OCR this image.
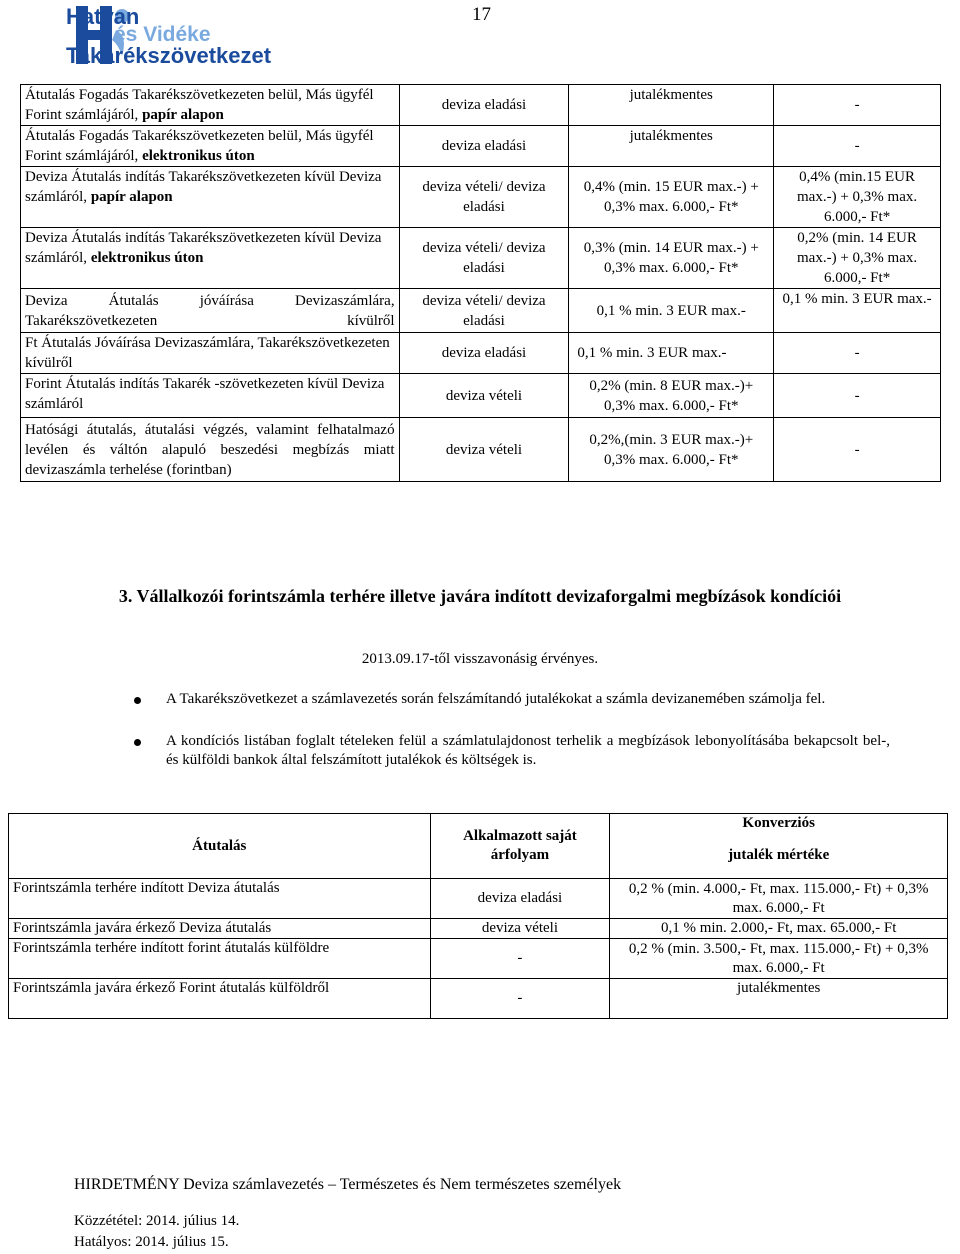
Hatvan
és Vidéke
Takarékszövetkezet
17
Átutalás Fogadás Takarékszövetkezeten belül, Más ügyfél Forint számlájáról, papír alapon	deviza eladási	jutalékmentes	-
Átutalás Fogadás Takarékszövetkezeten belül, Más ügyfél Forint számlájáról, elektronikus úton	deviza eladási	jutalékmentes	-
Deviza Átutalás indítás Takarékszövetkezeten kívül Deviza számláról, papír alapon	deviza vételi/ deviza eladási	0,4% (min. 15 EUR max.-) + 0,3% max. 6.000,- Ft*	0,4% (min.15 EUR max.-) + 0,3% max. 6.000,- Ft*
Deviza Átutalás indítás Takarékszövetkezeten kívül Deviza számláról, elektronikus úton	deviza vételi/ deviza eladási	0,3% (min. 14 EUR max.-) + 0,3% max. 6.000,- Ft*	0,2% (min. 14 EUR max.-) + 0,3% max. 6.000,- Ft*
Deviza Átutalás jóváírása Devizaszámlára, Takarékszövetkezeten kívülről	deviza vételi/ deviza eladási	0,1 % min. 3 EUR max.-	0,1 % min. 3 EUR max.-
Ft Átutalás Jóváírása Devizaszámlára, Takarékszövetkezeten kívülről	deviza eladási	0,1 % min. 3 EUR max.-	-
Forint Átutalás indítás Takarék -szövetkezeten kívül Deviza számláról	deviza vételi	0,2% (min. 8 EUR max.-)+ 0,3% max. 6.000,- Ft*	-
Hatósági átutalás, átutalási végzés, valamint felhatalmazó levélen és váltón alapuló beszedési megbízás miatt devizaszámla terhelése (forintban)	deviza vételi	0,2%,(min. 3 EUR max.-)+ 0,3% max. 6.000,- Ft*	-
3. Vállalkozói forintszámla terhére illetve javára indított devizaforgalmi megbízások kondíciói
2013.09.17-től visszavonásig érvényes.
A Takarékszövetkezet a számlavezetés során felszámítandó jutalékokat a számla devizanemében számolja fel.
A kondíciós listában foglalt tételeken felül a számlatulajdonost terhelik a megbízások lebonyolításába bekapcsolt bel-, és külföldi bankok által felszámított jutalékok és költségek is.
Átutalás	Alkalmazott saját árfolyam	Konverziós
		jutalék mértéke
Forintszámla terhére indított Deviza átutalás	deviza eladási	0,2 % (min. 4.000,- Ft, max. 115.000,- Ft) + 0,3% max. 6.000,- Ft
Forintszámla javára érkező Deviza átutalás	deviza vételi	0,1 % min. 2.000,- Ft, max. 65.000,- Ft
Forintszámla terhére indított forint átutalás külföldre	-	0,2 % (min. 3.500,- Ft, max. 115.000,- Ft) + 0,3% max. 6.000,- Ft
Forintszámla javára érkező Forint átutalás külföldről	-	jutalékmentes
HIRDETMÉNY Deviza számlavezetés – Természetes és Nem természetes személyek
Közzététel: 2014. július 14.
Hatályos: 2014. július 15.
